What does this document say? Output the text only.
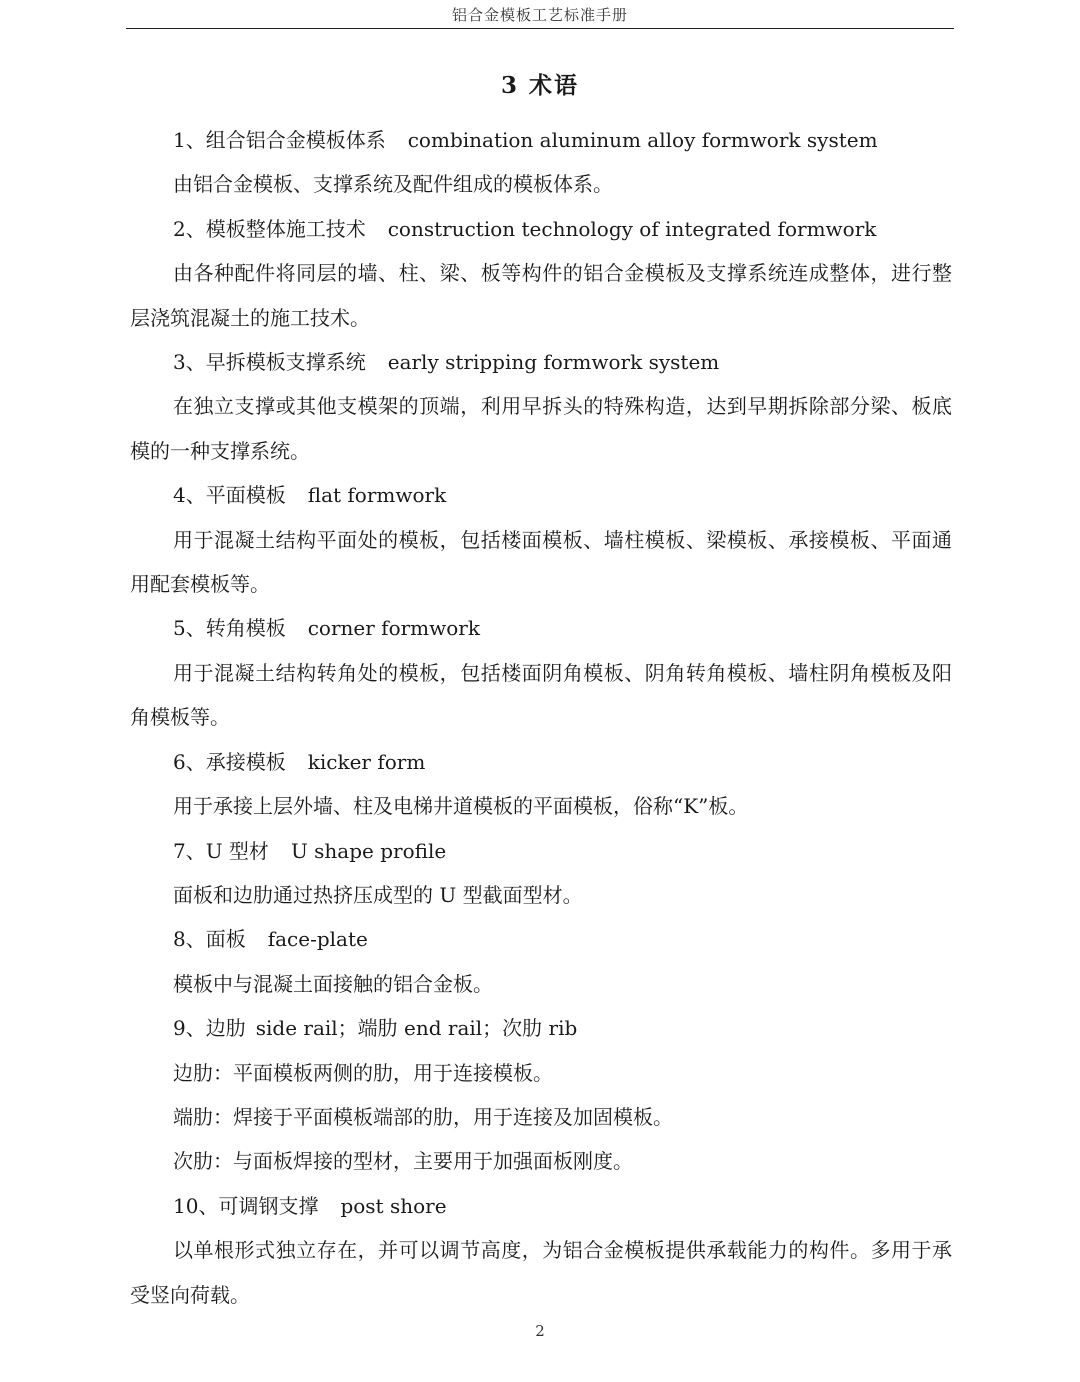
铝合金模板工艺标准手册
3 术语
1、组合铝合金模板体系 combination aluminum alloy formwork system
由铝合金模板、支撑系统及配件组成的模板体系。
2、模板整体施工技术 construction technology of integrated formwork
由各种配件将同层的墙、柱、梁、板等构件的铝合金模板及支撑系统连成整体，进行整层浇筑混凝土的施工技术。
3、早拆模板支撑系统 early stripping formwork system
在独立支撑或其他支模架的顶端，利用早拆头的特殊构造，达到早期拆除部分梁、板底模的一种支撑系统。
4、平面模板 flat formwork
用于混凝土结构平面处的模板，包括楼面模板、墙柱模板、梁模板、承接模板、平面通用配套模板等。
5、转角模板 corner formwork
用于混凝土结构转角处的模板，包括楼面阴角模板、阴角转角模板、墙柱阴角模板及阳角模板等。
6、承接模板 kicker form
用于承接上层外墙、柱及电梯井道模板的平面模板，俗称“K”板。
7、U 型材 U shape profile
面板和边肋通过热挤压成型的 U 型截面型材。
8、面板 face-plate
模板中与混凝土面接触的铝合金板。
9、边肋 side rail；端肋 end rail；次肋 rib
边肋：平面模板两侧的肋，用于连接模板。
端肋：焊接于平面模板端部的肋，用于连接及加固模板。
次肋：与面板焊接的型材，主要用于加强面板刚度。
10、可调钢支撑 post shore
以单根形式独立存在，并可以调节高度，为铝合金模板提供承载能力的构件。多用于承受竖向荷载。
2
